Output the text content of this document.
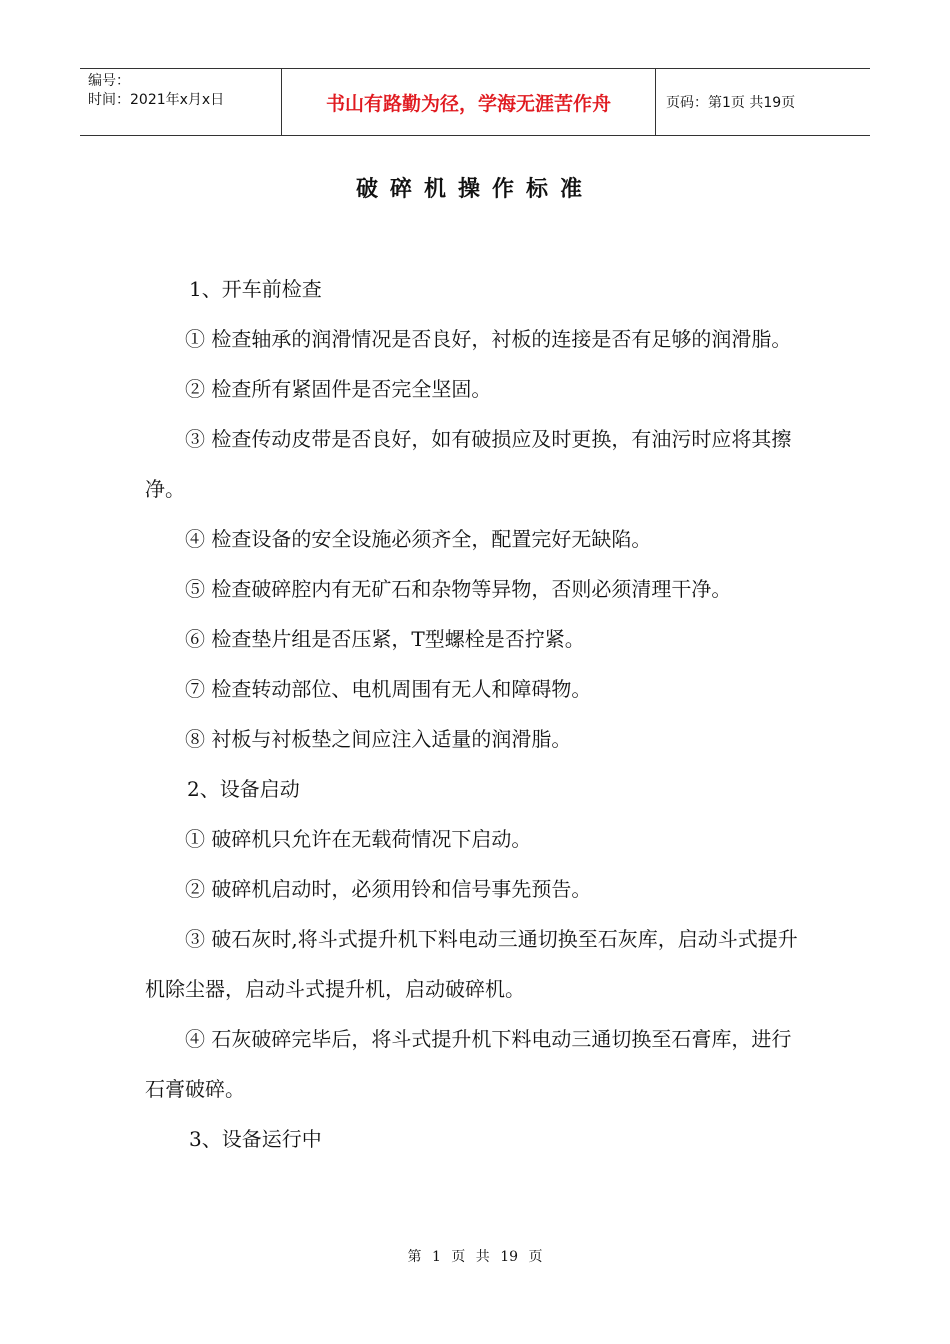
编号：
时间：2021年x月x日	书山有路勤为径，学海无涯苦作舟	页码：第1页 共19页
破碎机操作标准

1、开车前检查

① 检查轴承的润滑情况是否良好，衬板的连接是否有足够的润滑脂。

② 检查所有紧固件是否完全坚固。

③ 检查传动皮带是否良好，如有破损应及时更换，有油污时应将其擦净。

④ 检查设备的安全设施必须齐全，配置完好无缺陷。

⑤ 检查破碎腔内有无矿石和杂物等异物，否则必须清理干净。

⑥ 检查垫片组是否压紧，T型螺栓是否拧紧。

⑦ 检查转动部位、电机周围有无人和障碍物。

⑧ 衬板与衬板垫之间应注入适量的润滑脂。

2、设备启动

① 破碎机只允许在无载荷情况下启动。

② 破碎机启动时，必须用铃和信号事先预告。

③ 破石灰时,将斗式提升机下料电动三通切换至石灰库，启动斗式提升机除尘器，启动斗式提升机，启动破碎机。

④ 石灰破碎完毕后，将斗式提升机下料电动三通切换至石膏库，进行石膏破碎。

3、设备运行中

第 1 页 共 19 页
